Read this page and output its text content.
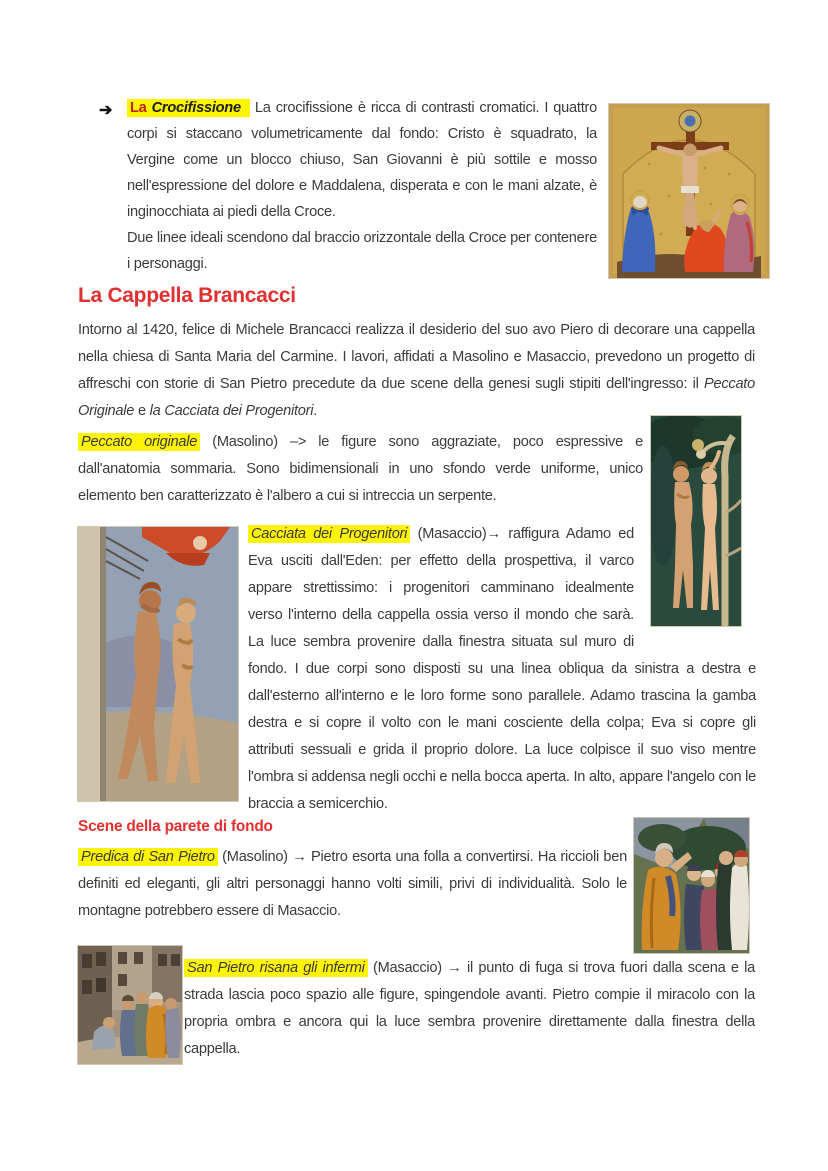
➔ La Crocifissione La crocifissione è ricca di contrasti cromatici. I quattro corpi si staccano volumetricamente dal fondo: Cristo è squadrato, la Vergine come un blocco chiuso, San Giovanni è più sottile e mosso nell'espressione del dolore e Maddalena, disperata e con le mani alzate, è inginocchiata ai piedi della Croce.

Due linee ideali scendono dal braccio orizzontale della Croce per contenere i personaggi.

La Cappella Brancacci

Intorno al 1420, felice di Michele Brancacci realizza il desiderio del suo avo Piero di decorare una cappella nella chiesa di Santa Maria del Carmine. I lavori, affidati a Masolino e Masaccio, prevedono un progetto di affreschi con storie di San Pietro precedute da due scene della genesi sugli stipiti dell'ingresso: il Peccato Originale e la Cacciata dei Progenitori.

Peccato originale (Masolino) –> le figure sono aggraziate, poco espressive e dall'anatomia sommaria. Sono bidimensionali in uno sfondo verde uniforme, unico elemento ben caratterizzato è l'albero a cui si intreccia un serpente.

Cacciata dei Progenitori (Masaccio)→ raffigura Adamo ed Eva usciti dall'Eden: per effetto della prospettiva, il varco appare strettissimo: i progenitori camminano idealmente verso l'interno della cappella ossia verso il mondo che sarà. La luce sembra provenire dalla finestra situata sul muro di fondo. I due corpi sono disposti su una linea obliqua da sinistra a destra e dall'esterno all'interno e le loro forme sono parallele. Adamo trascina la gamba destra e si copre il volto con le mani cosciente della colpa; Eva si copre gli attributi sessuali e grida il proprio dolore. La luce colpisce il suo viso mentre l'ombra si addensa negli occhi e nella bocca aperta. In alto, appare l'angelo con le braccia a semicerchio.

Scene della parete di fondo

Predica di San Pietro (Masolino) → Pietro esorta una folla a convertirsi. Ha riccioli ben definiti ed eleganti, gli altri personaggi hanno volti simili, privi di individualità. Solo le montagne potrebbero essere di Masaccio.

San Pietro risana gli infermi (Masaccio) → il punto di fuga si trova fuori dalla scena e la strada lascia poco spazio alle figure, spingendole avanti. Pietro compie il miracolo con la propria ombra e ancora qui la luce sembra provenire direttamente dalla finestra della cappella.
